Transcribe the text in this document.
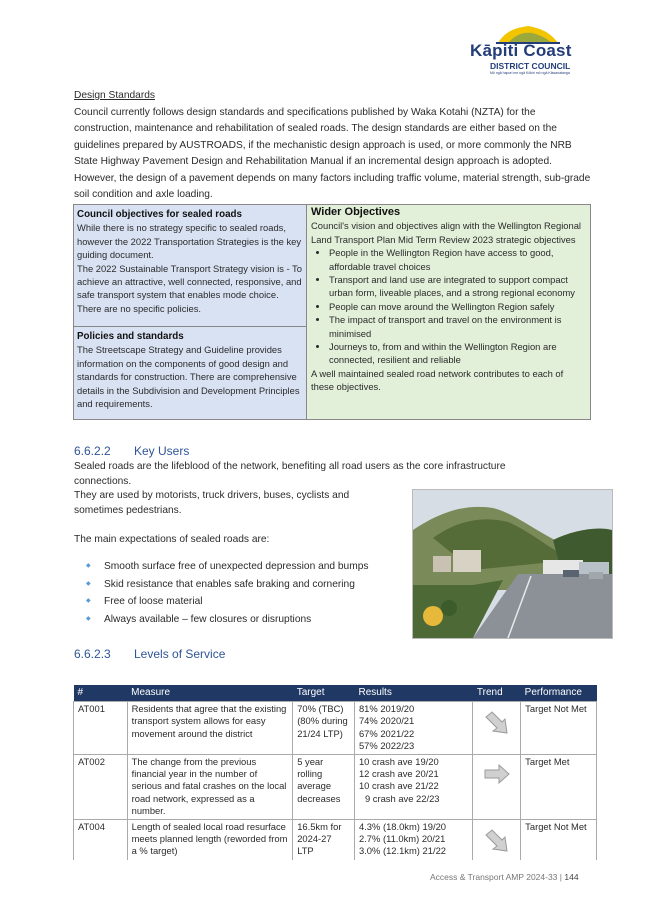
Kāpiti Coast
DISTRICT COUNCIL
Mō ngā hapori me ngā Kōkiri mō ngā Kāwanatanga

Design Standards

Council currently follows design standards and specifications published by Waka Kotahi (NZTA) for the construction, maintenance and rehabilitation of sealed roads. The design standards are either based on the guidelines prepared by AUSTROADS, if the mechanistic design approach is used, or more commonly the NRB State Highway Pavement Design and Rehabilitation Manual if an incremental design approach is adopted. However, the design of a pavement depends on many factors including traffic volume, material strength, sub-grade soil condition and axle loading.

Council objectives for sealed roads
While there is no strategy specific to sealed roads, however the 2022 Transportation Strategies is the key guiding document.
The 2022 Sustainable Transport Strategy vision is - To achieve an attractive, well connected, responsive, and safe transport system that enables mode choice.
There are no specific policies.
Policies and standards
The Streetscape Strategy and Guideline provides information on the components of good design and standards for construction. There are comprehensive details in the Subdivision and Development Principles and requirements.
Wider Objectives
Council's vision and objectives align with the Wellington Regional Land Transport Plan Mid Term Review 2023 strategic objectives
• People in the Wellington Region have access to good, affordable travel choices
• Transport and land use are integrated to support compact urban form, liveable places, and a strong regional economy
• People can move around the Wellington Region safely
• The impact of transport and travel on the environment is minimised
• Journeys to, from and within the Wellington Region are connected, resilient and reliable
A well maintained sealed road network contributes to each of these objectives.
6.6.2.2 Key Users

Sealed roads are the lifeblood of the network, benefiting all road users as the core infrastructure connections.

They are used by motorists, truck drivers, buses, cyclists and sometimes pedestrians.

The main expectations of sealed roads are:
◆ Smooth surface free of unexpected depression and bumps
◆ Skid resistance that enables safe braking and cornering
◆ Free of loose material
◆ Always available – few closures or disruptions
6.6.2.3 Levels of Service
#	Measure	Target	Results	Trend	Performance
AT001	Residents that agree that the existing transport system allows for easy movement around the district	70% (TBC) (80% during 21/24 LTP)	81% 2019/20
74% 2020/21
67% 2021/22
57% 2022/23		Target Not Met
AT002	The change from the previous financial year in the number of serious and fatal crashes on the local road network, expressed as a number.	5 year rolling average decreases	10 crash ave 19/20
12 crash ave 20/21
10 crash ave 21/22
9 crash ave 22/23		Target Met
AT004	Length of sealed local road resurface meets planned length (reworded from a % target)	16.5km for 2024-27 LTP	4.3% (18.0km) 19/20
2.7% (11.0km) 20/21
3.0% (12.1km) 21/22		Target Not Met
Access & Transport AMP 2024-33 | 144
